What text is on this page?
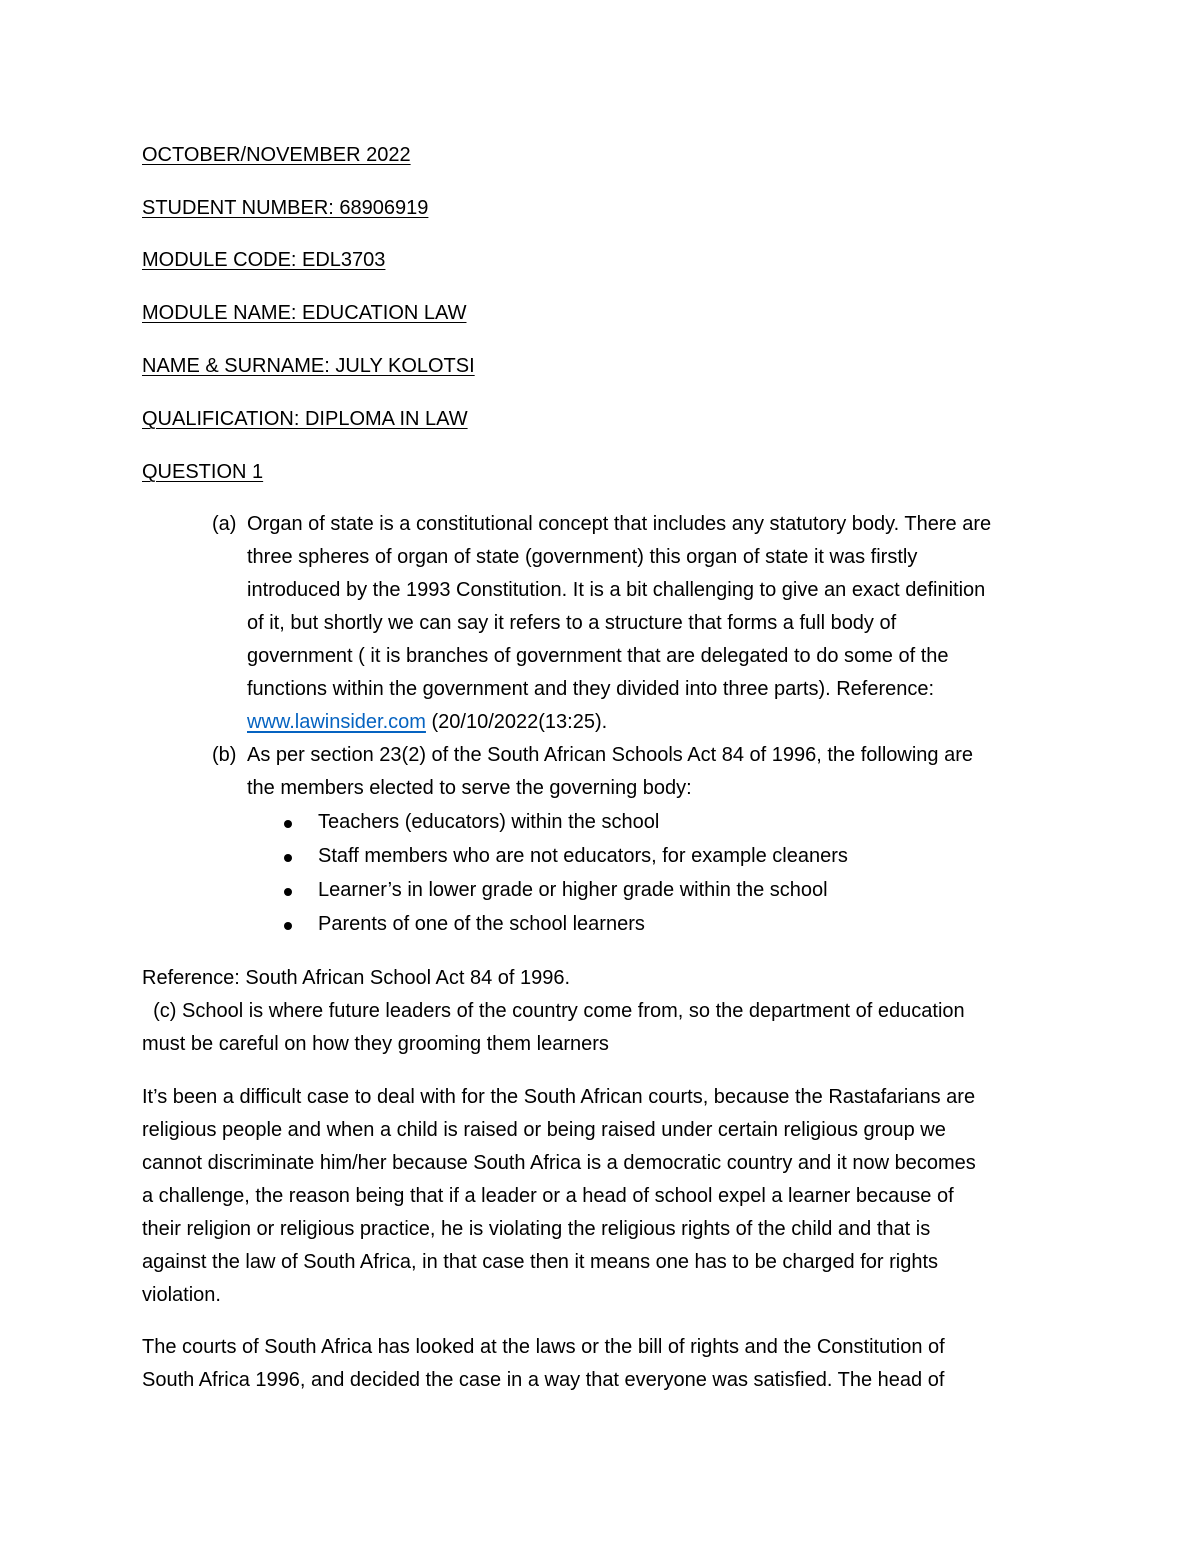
OCTOBER/NOVEMBER 2022
STUDENT NUMBER: 68906919
MODULE CODE: EDL3703
MODULE NAME: EDUCATION LAW
NAME & SURNAME: JULY KOLOTSI
QUALIFICATION: DIPLOMA IN LAW
QUESTION 1
(a) Organ of state is a constitutional concept that includes any statutory body. There are
three spheres of organ of state (government) this organ of state it was firstly
introduced by the 1993 Constitution. It is a bit challenging to give an exact definition
of it, but shortly we can say it refers to a structure that forms a full body of
government ( it is branches of government that are delegated to do some of the
functions within the government and they divided into three parts). Reference:
www.lawinsider.com (20/10/2022(13:25).
(b) As per section 23(2) of the South African Schools Act 84 of 1996, the following are
the members elected to serve the governing body:
Teachers (educators) within the school
Staff members who are not educators, for example cleaners
Learner’s in lower grade or higher grade within the school
Parents of one of the school learners
Reference: South African School Act 84 of 1996.
(c) School is where future leaders of the country come from, so the department of education
must be careful on how they grooming them learners
It’s been a difficult case to deal with for the South African courts, because the Rastafarians are
religious people and when a child is raised or being raised under certain religious group we
cannot discriminate him/her because South Africa is a democratic country and it now becomes
a challenge, the reason being that if a leader or a head of school expel a learner because of
their religion or religious practice, he is violating the religious rights of the child and that is
against the law of South Africa, in that case then it means one has to be charged for rights
violation.
The courts of South Africa has looked at the laws or the bill of rights and the Constitution of
South Africa 1996, and decided the case in a way that everyone was satisfied. The head of
